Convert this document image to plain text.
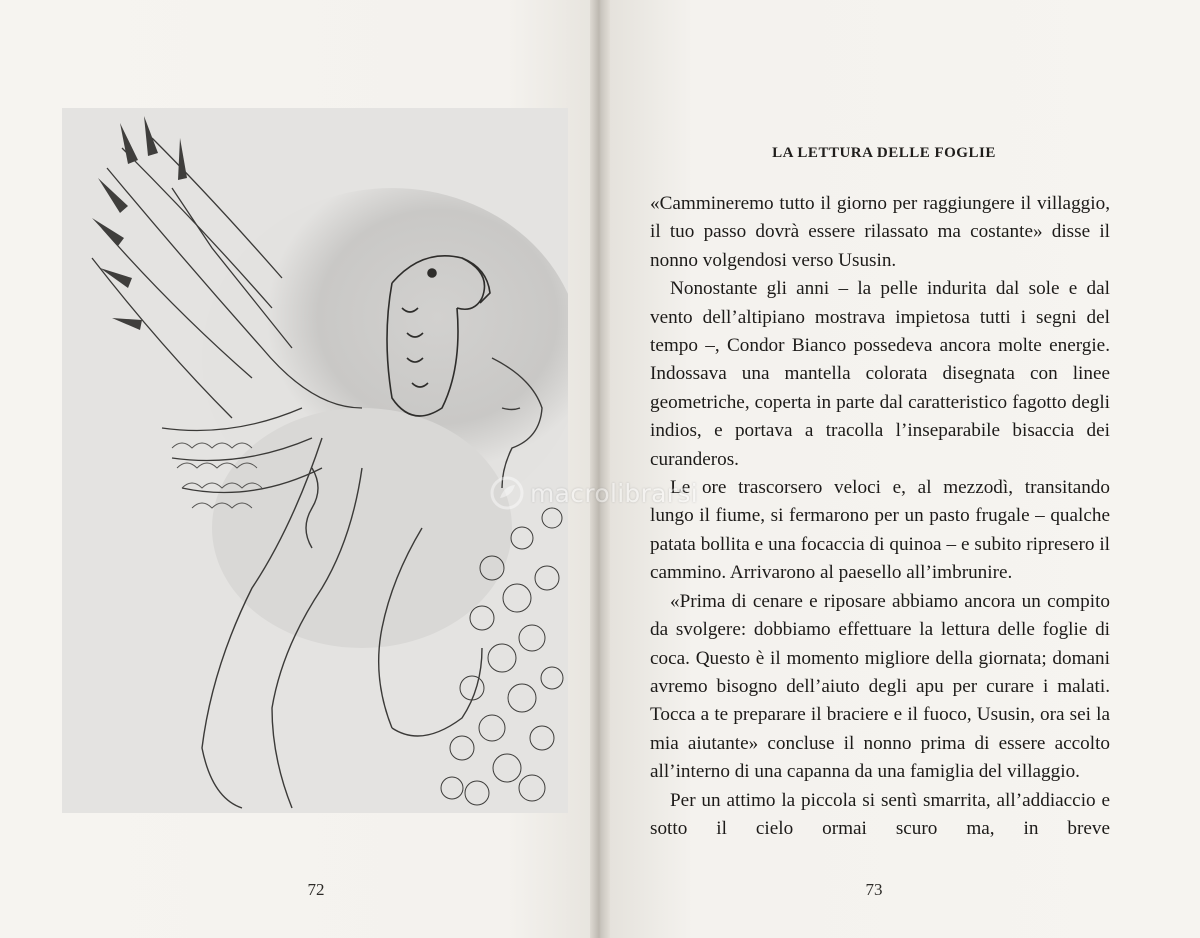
72
LA LETTURA DELLE FOGLIE

«Cammineremo tutto il giorno per raggiungere il villaggio, il tuo passo dovrà essere rilassato ma costante» disse il nonno volgendosi verso Ususin.

Nonostante gli anni – la pelle indurita dal sole e dal vento dell’altipiano mostrava impietosa tutti i segni del tempo –, Condor Bianco possedeva ancora molte energie. Indossava una mantella colorata disegnata con linee geometriche, coperta in parte dal caratteristico fagotto degli indios, e portava a tracolla l’inseparabile bisaccia dei curanderos.

Le ore trascorsero veloci e, al mezzodì, transitando lungo il fiume, si fermarono per un pasto frugale – qualche patata bollita e una focaccia di quinoa – e subito ripresero il cammino. Arrivarono al paesello all’imbrunire.

«Prima di cenare e riposare abbiamo ancora un compito da svolgere: dobbiamo effettuare la lettura delle foglie di coca. Questo è il momento migliore della giornata; domani avremo bisogno dell’aiuto degli apu per curare i malati. Tocca a te preparare il braciere e il fuoco, Ususin, ora sei la mia aiutante» concluse il nonno prima di essere accolto all’interno di una capanna da una famiglia del villaggio.

Per un attimo la piccola si sentì smarrita, all’addiaccio e sotto il cielo ormai scuro ma, in breve

73
macrolibrarsi
